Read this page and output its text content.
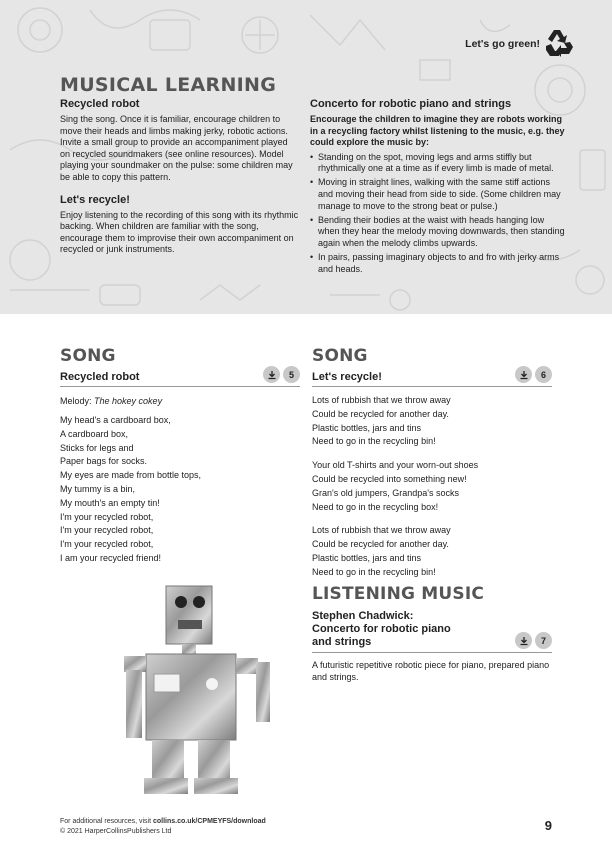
Let's go green!
MUSICAL LEARNING
Recycled robot
Sing the song. Once it is familiar, encourage children to move their heads and limbs making jerky, robotic actions. Invite a small group to provide an accompaniment played on recycled soundmakers (see online resources). Model playing your soundmaker on the pulse: some children may be able to copy this pattern.
Let's recycle!
Enjoy listening to the recording of this song with its rhythmic backing. When children are familiar with the song, encourage them to improvise their own accompaniment on recycled or junk instruments.
Concerto for robotic piano and strings
Encourage the children to imagine they are robots working in a recycling factory whilst listening to the music, e.g. they could explore the music by:
• Standing on the spot, moving legs and arms stiffly but rhythmically one at a time as if every limb is made of metal.
• Moving in straight lines, walking with the same stiff actions and moving their head from side to side. (Some children may manage to move to the strong beat or pulse.)
• Bending their bodies at the waist with heads hanging low when they hear the melody moving downwards, then standing again when the melody climbs upwards.
• In pairs, passing imaginary objects to and fro with jerky arms and heads.
SONG
Recycled robot	5
Melody: The hokey cokey
My head's a cardboard box,
A cardboard box,
Sticks for legs and
Paper bags for socks.
My eyes are made from bottle tops,
My tummy is a bin,
My mouth's an empty tin!
I'm your recycled robot,
I'm your recycled robot,
I'm your recycled robot,
I am your recycled friend!
SONG
Let's recycle!	6
Lots of rubbish that we throw away
Could be recycled for another day.
Plastic bottles, jars and tins
Need to go in the recycling bin!
Your old T-shirts and your worn-out shoes
Could be recycled into something new!
Gran's old jumpers, Grandpa's socks
Need to go in the recycling box!
Lots of rubbish that we throw away
Could be recycled for another day.
Plastic bottles, jars and tins
Need to go in the recycling bin!
LISTENING MUSIC
Stephen Chadwick:
Concerto for robotic piano
and strings	7
A futuristic repetitive robotic piece for piano, prepared piano and strings.
For additional resources, visit collins.co.uk/CPMEYFS/download
© 2021 HarperCollinsPublishers Ltd	9
